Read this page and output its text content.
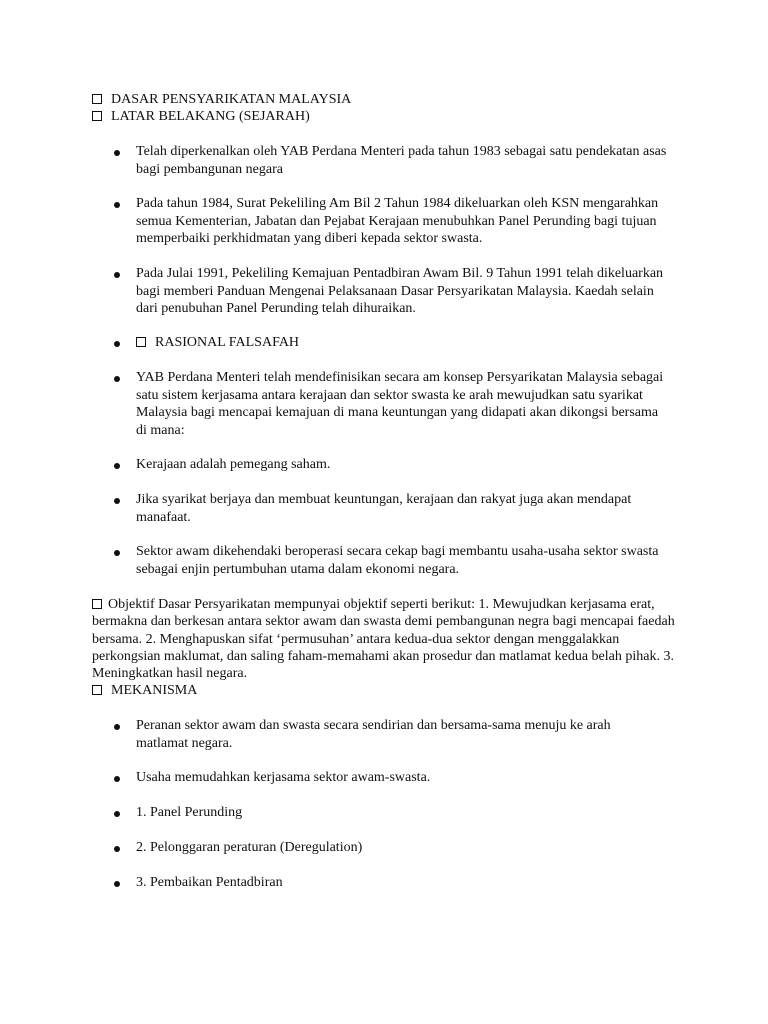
DASAR PENSYARIKATAN MALAYSIA

LATAR BELAKANG (SEJARAH)

Telah diperkenalkan oleh YAB Perdana Menteri pada tahun 1983 sebagai satu pendekatan asas bagi pembangunan negara

Pada tahun 1984, Surat Pekeliling Am Bil 2 Tahun 1984 dikeluarkan oleh KSN mengarahkan semua Kementerian, Jabatan dan Pejabat Kerajaan menubuhkan Panel Perunding bagi tujuan memperbaiki perkhidmatan yang diberi kepada sektor swasta.

Pada Julai 1991, Pekeliling Kemajuan Pentadbiran Awam Bil. 9 Tahun 1991 telah dikeluarkan bagi memberi Panduan Mengenai Pelaksanaan Dasar Persyarikatan Malaysia. Kaedah selain dari penubuhan Panel Perunding telah dihuraikan.

RASIONAL FALSAFAH

YAB Perdana Menteri telah mendefinisikan secara am konsep Persyarikatan Malaysia sebagai satu sistem kerjasama antara kerajaan dan sektor swasta ke arah mewujudkan satu syarikat Malaysia bagi mencapai kemajuan di mana keuntungan yang didapati akan dikongsi bersama di mana:

Kerajaan adalah pemegang saham.

Jika syarikat berjaya dan membuat keuntungan, kerajaan dan rakyat juga akan mendapat manafaat.

Sektor awam dikehendaki beroperasi secara cekap bagi membantu usaha-usaha sektor swasta sebagai enjin pertumbuhan utama dalam ekonomi negara.

Objektif Dasar Persyarikatan mempunyai objektif seperti berikut: 1. Mewujudkan kerjasama erat, bermakna dan berkesan antara sektor awam dan swasta demi pembangunan negra bagi mencapai faedah bersama. 2. Menghapuskan sifat ‘permusuhan’ antara kedua-dua sektor dengan menggalakkan perkongsian maklumat, dan saling faham-memahami akan prosedur dan matlamat kedua belah pihak. 3. Meningkatkan hasil negara.

MEKANISMA

Peranan sektor awam dan swasta secara sendirian dan bersama-sama menuju ke arah matlamat negara.

Usaha memudahkan kerjasama sektor awam-swasta.

1. Panel Perunding

2. Pelonggaran peraturan (Deregulation)

3. Pembaikan Pentadbiran
